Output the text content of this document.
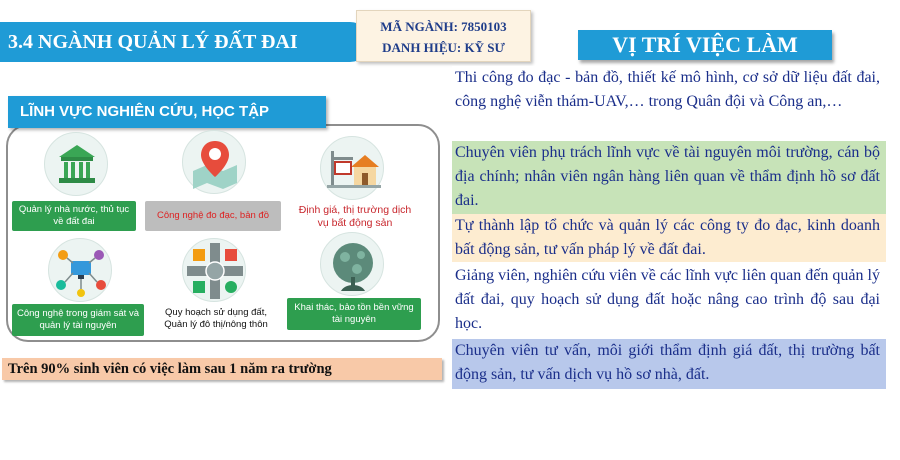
3.4 NGÀNH QUẢN LÝ ĐẤT ĐAI
MÃ NGÀNH: 7850103
DANH HIỆU: KỸ SƯ	VỊ TRÍ VIỆC LÀM
LĨNH VỰC NGHIÊN CỨU, HỌC TẬP
Quản lý nhà nước, thủ tục về đất đai
Công nghệ đo đạc, bản đồ	Định giá, thị trường dịch vụ bất động sản
Công nghệ trong giám sát và quản lý tài nguyên
Quy hoạch sử dụng đất, Quản lý đô thị/nông thôn
Khai thác, bảo tồn bền vững tài nguyên
Trên 90% sinh viên có việc làm sau 1 năm ra trường
Thi công đo đạc - bản đồ, thiết kế mô hình, cơ sở dữ liệu đất đai, công nghệ viễn thám-UAV,… trong Quân đội và Công an,…
Chuyên viên phụ trách lĩnh vực về tài nguyên môi trường, cán bộ địa chính; nhân viên ngân hàng liên quan về thẩm định hồ sơ đất đai.
Tự thành lập tổ chức và quản lý các công ty đo đạc, kinh doanh bất động sản, tư vấn pháp lý về đất đai.
Giảng viên, nghiên cứu viên về các lĩnh vực liên quan đến quản lý đất đai, quy hoạch sử dụng đất hoặc nâng cao trình độ sau đại học.
Chuyên viên tư vấn, môi giới thẩm định giá đất, thị trường bất động sản, tư vấn dịch vụ hồ sơ nhà, đất.
